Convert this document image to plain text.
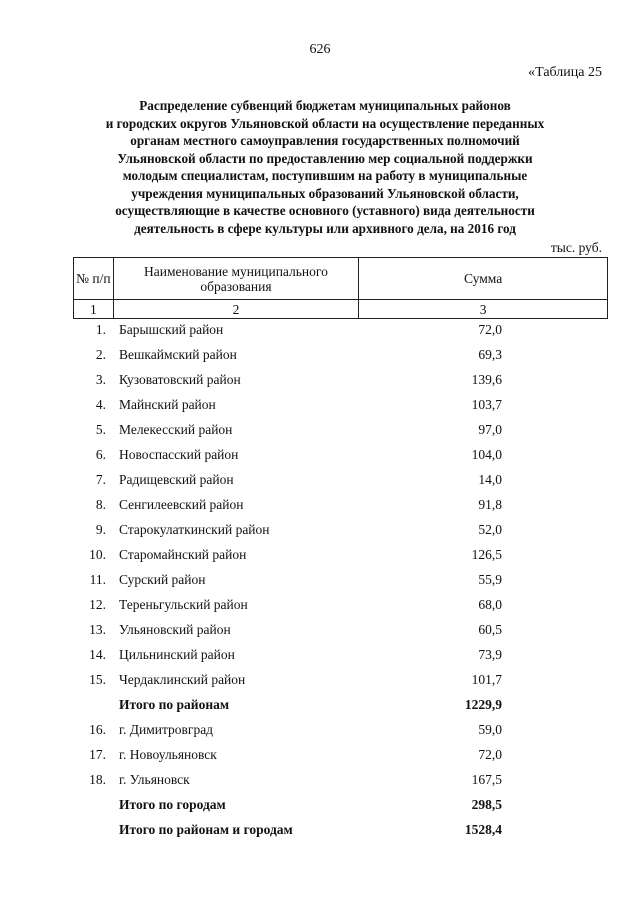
626
«Таблица 25
Распределение субвенций бюджетам муниципальных районов
и городских округов Ульяновской области на осуществление переданных
органам местного самоуправления государственных полномочий
Ульяновской области по предоставлению мер социальной поддержки
молодым специалистам, поступившим на работу в муниципальные
учреждения муниципальных образований Ульяновской области,
осуществляющие в качестве основного (уставного) вида деятельности
деятельность в сфере культуры или архивного дела, на 2016 год
тыс. руб.
№ п/п	Наименование муниципального образования	Сумма
1	2	3
1. Барышский район	72,0
2. Вешкаймский район	69,3
3. Кузоватовский район	139,6
4. Майнский район	103,7
5. Мелекесский район	97,0
6. Новоспасский район	104,0
7. Радищевский район	14,0
8. Сенгилеевский район	91,8
9. Старокулаткинский район	52,0
10. Старомайнский район	126,5
11. Сурский район	55,9
12. Тереньгульский район	68,0
13. Ульяновский район	60,5
14. Цильнинский район	73,9
15. Чердаклинский район	101,7
Итого по районам	1229,9
16. г. Димитровград	59,0
17. г. Новоульяновск	72,0
18. г. Ульяновск	167,5
Итого по городам	298,5
Итого по районам и городам	1528,4
